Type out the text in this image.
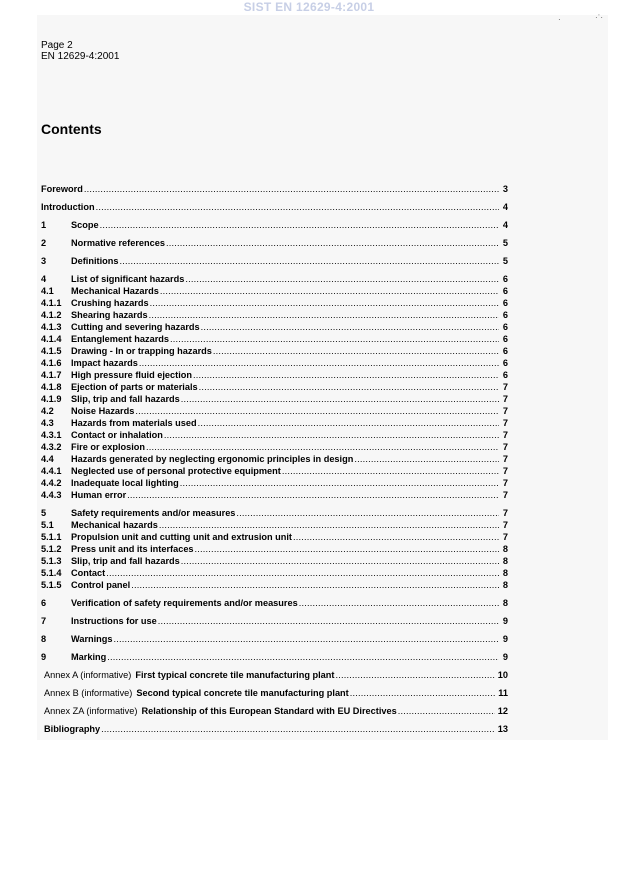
SIST EN 12629-4:2001
·	·ˈ·
Page 2
EN 12629-4:2001
Contents
Foreword .....	3
Introduction .....	4
1	Scope .....	4
2	Normative references .....	5
3	Definitions .....	5
4	List of significant hazards .....	6
4.1	Mechanical Hazards .....	6
4.1.1	Crushing hazards .....	6
4.1.2	Shearing hazards .....	6
4.1.3	Cutting and severing hazards .....	6
4.1.4	Entanglement hazards .....	6
4.1.5	Drawing - In or trapping hazards .....	6
4.1.6	Impact hazards .....	6
4.1.7	High pressure fluid ejection .....	6
4.1.8	Ejection of parts or materials .....	7
4.1.9	Slip, trip and fall hazards .....	7
4.2	Noise Hazards .....	7
4.3	Hazards from materials used .....	7
4.3.1	Contact or inhalation .....	7
4.3.2	Fire or explosion .....	7
4.4	Hazards generated by neglecting ergonomic principles in design .....	7
4.4.1	Neglected use of personal protective equipment .....	7
4.4.2	Inadequate local lighting .....	7
4.4.3	Human error .....	7
5	Safety requirements and/or measures .....	7
5.1	Mechanical hazards .....	7
5.1.1	Propulsion unit and cutting unit and extrusion unit .....	7
5.1.2	Press unit and its interfaces .....	8
5.1.3	Slip, trip and fall hazards .....	8
5.1.4	Contact .....	8
5.1.5	Control panel .....	8
6	Verification of safety requirements and/or measures .....	8
7	Instructions for use .....	9
8	Warnings .....	9
9	Marking .....	9
Annex A (informative) First typical concrete tile manufacturing plant .....	10
Annex B (informative) Second typical concrete tile manufacturing plant .....	11
Annex ZA (informative) Relationship of this European Standard with EU Directives .....	12
Bibliography .....	13
